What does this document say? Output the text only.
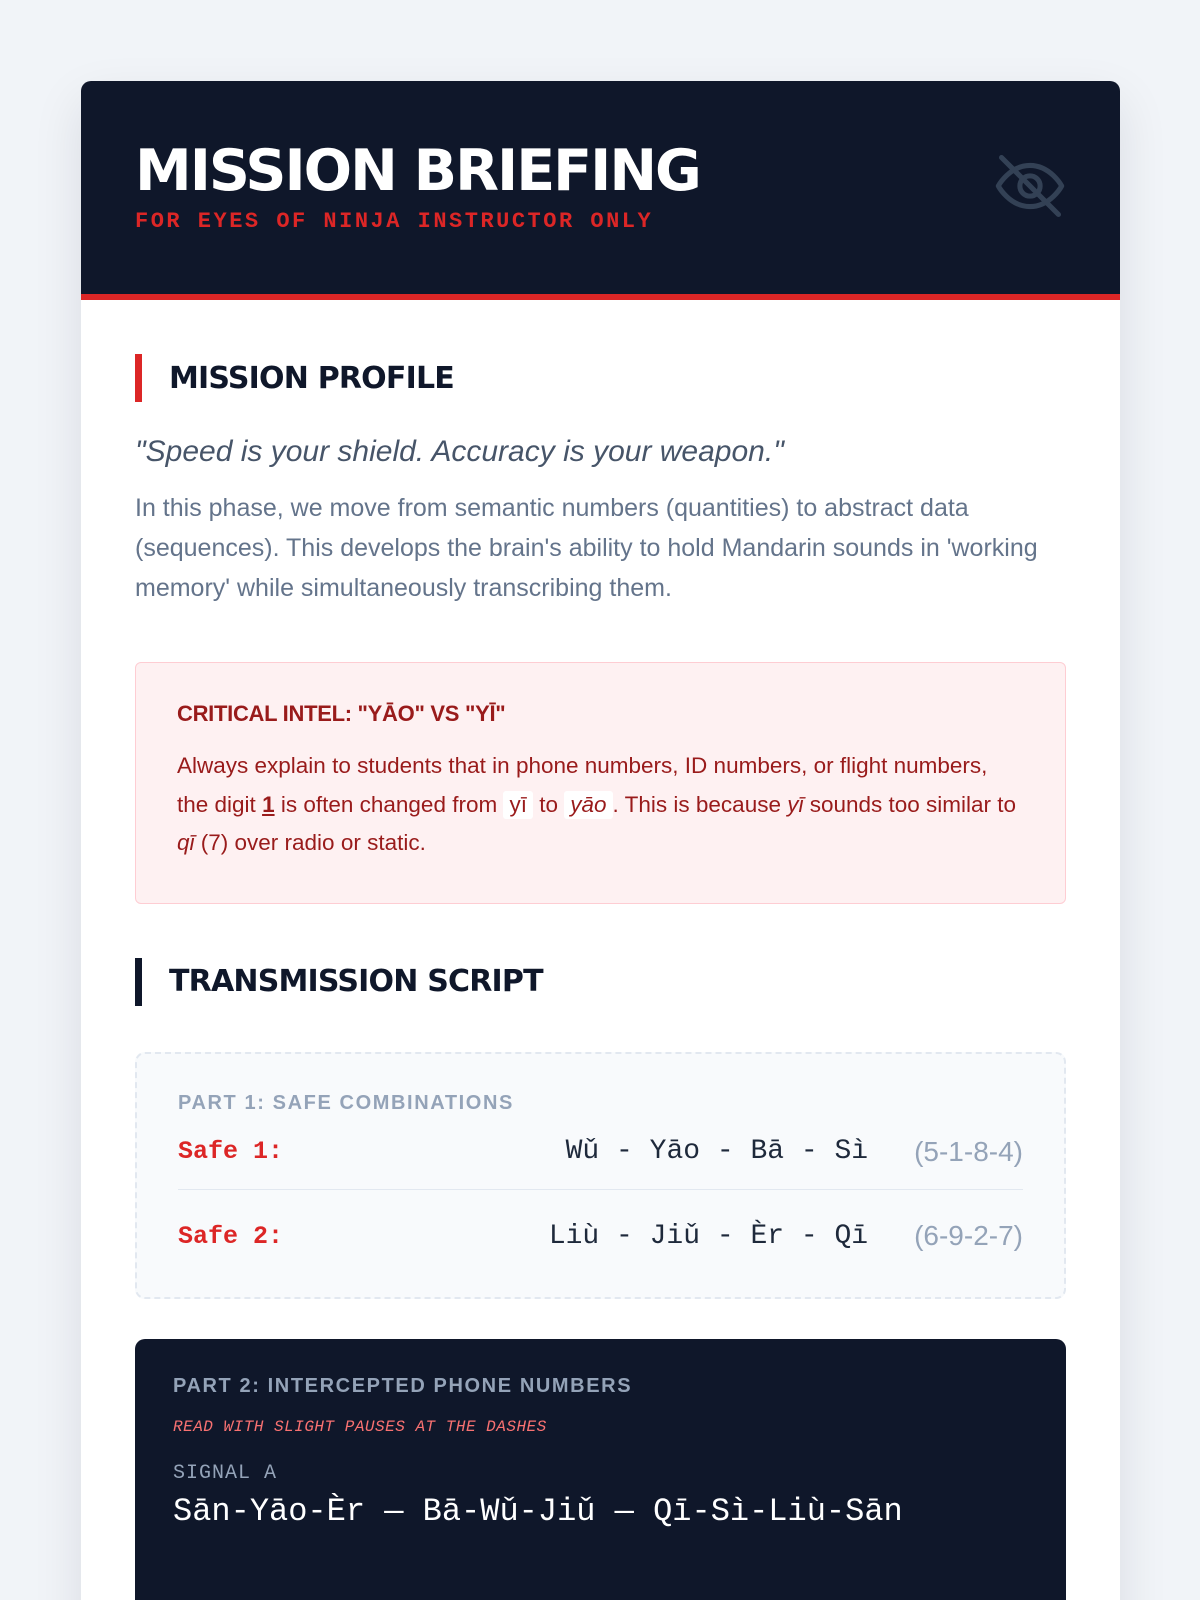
MISSION BRIEFING
FOR EYES OF NINJA INSTRUCTOR ONLY
MISSION PROFILE
"Speed is your shield. Accuracy is your weapon."
In this phase, we move from semantic numbers (quantities) to abstract data (sequences). This develops the brain's ability to hold Mandarin sounds in 'working memory' while simultaneously transcribing them.
CRITICAL INTEL: "YĀO" VS "YĪ"
Always explain to students that in phone numbers, ID numbers, or flight numbers, the digit 1 is often changed from yī to yāo . This is because yī sounds too similar to qī (7) over radio or static.
TRANSMISSION SCRIPT
PART 1: SAFE COMBINATIONS
Safe 1:	Wǔ - Yāo - Bā - Sì	(5-1-8-4)
Safe 2:	Liù - Jiǔ - Èr - Qī	(6-9-2-7)
PART 2: INTERCEPTED PHONE NUMBERS
READ WITH SLIGHT PAUSES AT THE DASHES
SIGNAL A
Sān-Yāo-Èr — Bā-Wǔ-Jiǔ — Qī-Sì-Liù-Sān
